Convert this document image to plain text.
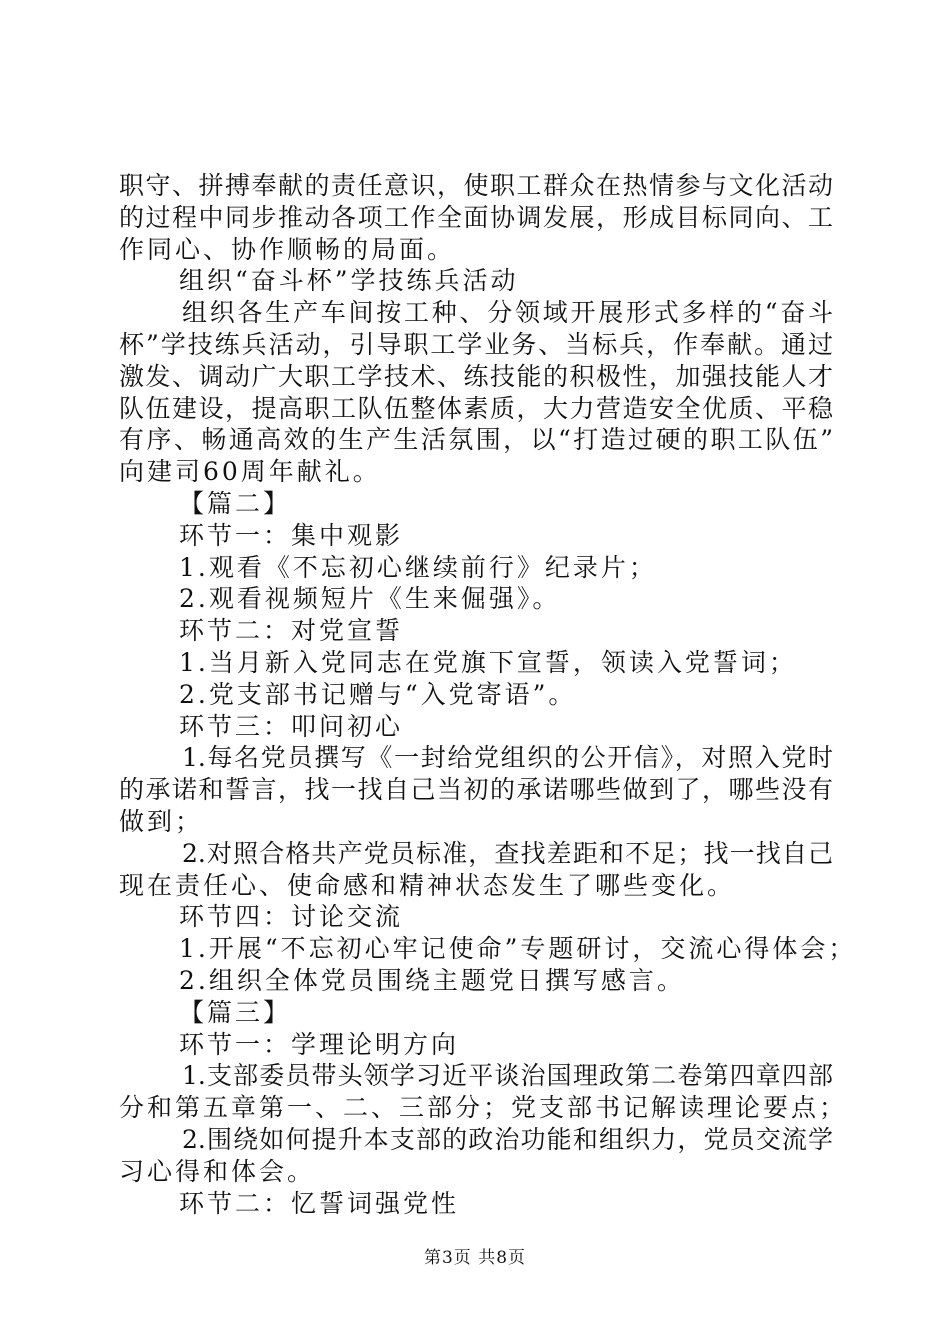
职守、拼搏奉献的责任意识，使职工群众在热情参与文化活动
的过程中同步推动各项工作全面协调发展，形成目标同向、工
作同心、协作顺畅的局面。
组织“奋斗杯”学技练兵活动
组织各生产车间按工种、分领域开展形式多样的“奋斗
杯”学技练兵活动，引导职工学业务、当标兵，作奉献。通过
激发、调动广大职工学技术、练技能的积极性，加强技能人才
队伍建设，提高职工队伍整体素质，大力营造安全优质、平稳
有序、畅通高效的生产生活氛围，以“打造过硬的职工队伍”
向建司60周年献礼。
【篇二】
环节一：集中观影
1.观看《不忘初心继续前行》纪录片；
2.观看视频短片《生来倔强》。
环节二：对党宣誓
1.当月新入党同志在党旗下宣誓，领读入党誓词；
2.党支部书记赠与“入党寄语”。
环节三：叩问初心
1.每名党员撰写《一封给党组织的公开信》，对照入党时
的承诺和誓言，找一找自己当初的承诺哪些做到了，哪些没有
做到；
2.对照合格共产党员标准，查找差距和不足；找一找自己
现在责任心、使命感和精神状态发生了哪些变化。
环节四：讨论交流
1.开展“不忘初心牢记使命”专题研讨，交流心得体会；
2.组织全体党员围绕主题党日撰写感言。
【篇三】
环节一：学理论明方向
1.支部委员带头领学习近平谈治国理政第二卷第四章四部
分和第五章第一、二、三部分；党支部书记解读理论要点；
2.围绕如何提升本支部的政治功能和组织力，党员交流学
习心得和体会。
环节二：忆誓词强党性
第3页 共8页
